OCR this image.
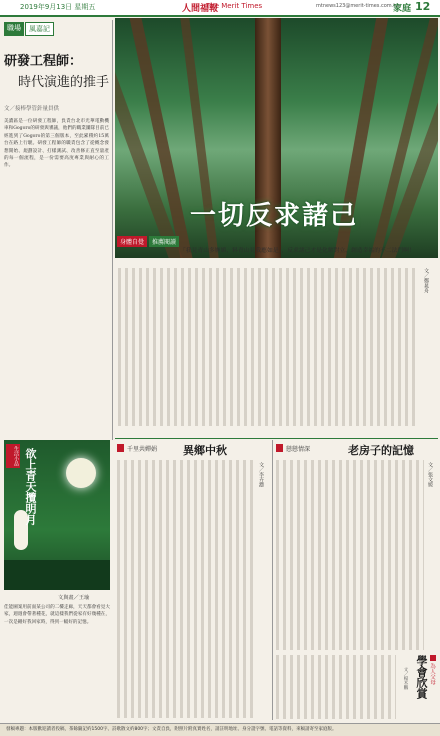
2019年9月13日 星期五	人間福報
The Merit Times	mtnews123@merit-times.com.tw
家庭 12
職場	風嘉記
研發工程師：
時代演進的推手
文／接棒學管針量員供
美濃區是一位研發工程師，負責台北市光華電動機車和Gogoro的研發與審議，他們的職業團隊目前已經進到了Gogoro的第三個版本，至此累積約15萬台在路上行駛。研發工程師的職責包含了從概念發想開始、規劃設計、打樣測試、改善修正直至量產的每一個流程，是一份需要高度專業與耐心的工作。
一切反求諸己
身體自覺	推薦閱讀
「我見青山多嫵媚，料青山見我應如是」，反求諸己才是化解對立、創造幸福的不二法門啊！
文／鄭晁舟
千里共嬋娟 異鄉中秋
文／李卉濃
戀戀情深	老房子的記憶
文／張文媛
為人父母
學會欣賞
文／楊木鵬
生活小品 欲上青天攬明月
文與畫／王瑜
佳能圖案用前面某公司的二樓走廊，天天都會看見大家，週週會帶著種花，就這樣我們從家有好幾種在，一次是剛好我回家時，得到一幅好的記憶。
發稿專題：本版歡迎讀者投稿，茶餘隨記約1500字、詩歌散文約800字；文責自負，附照片附真實姓名，請註明地址、身分證字號、電話等資料，來稿請寄至家庭版。
